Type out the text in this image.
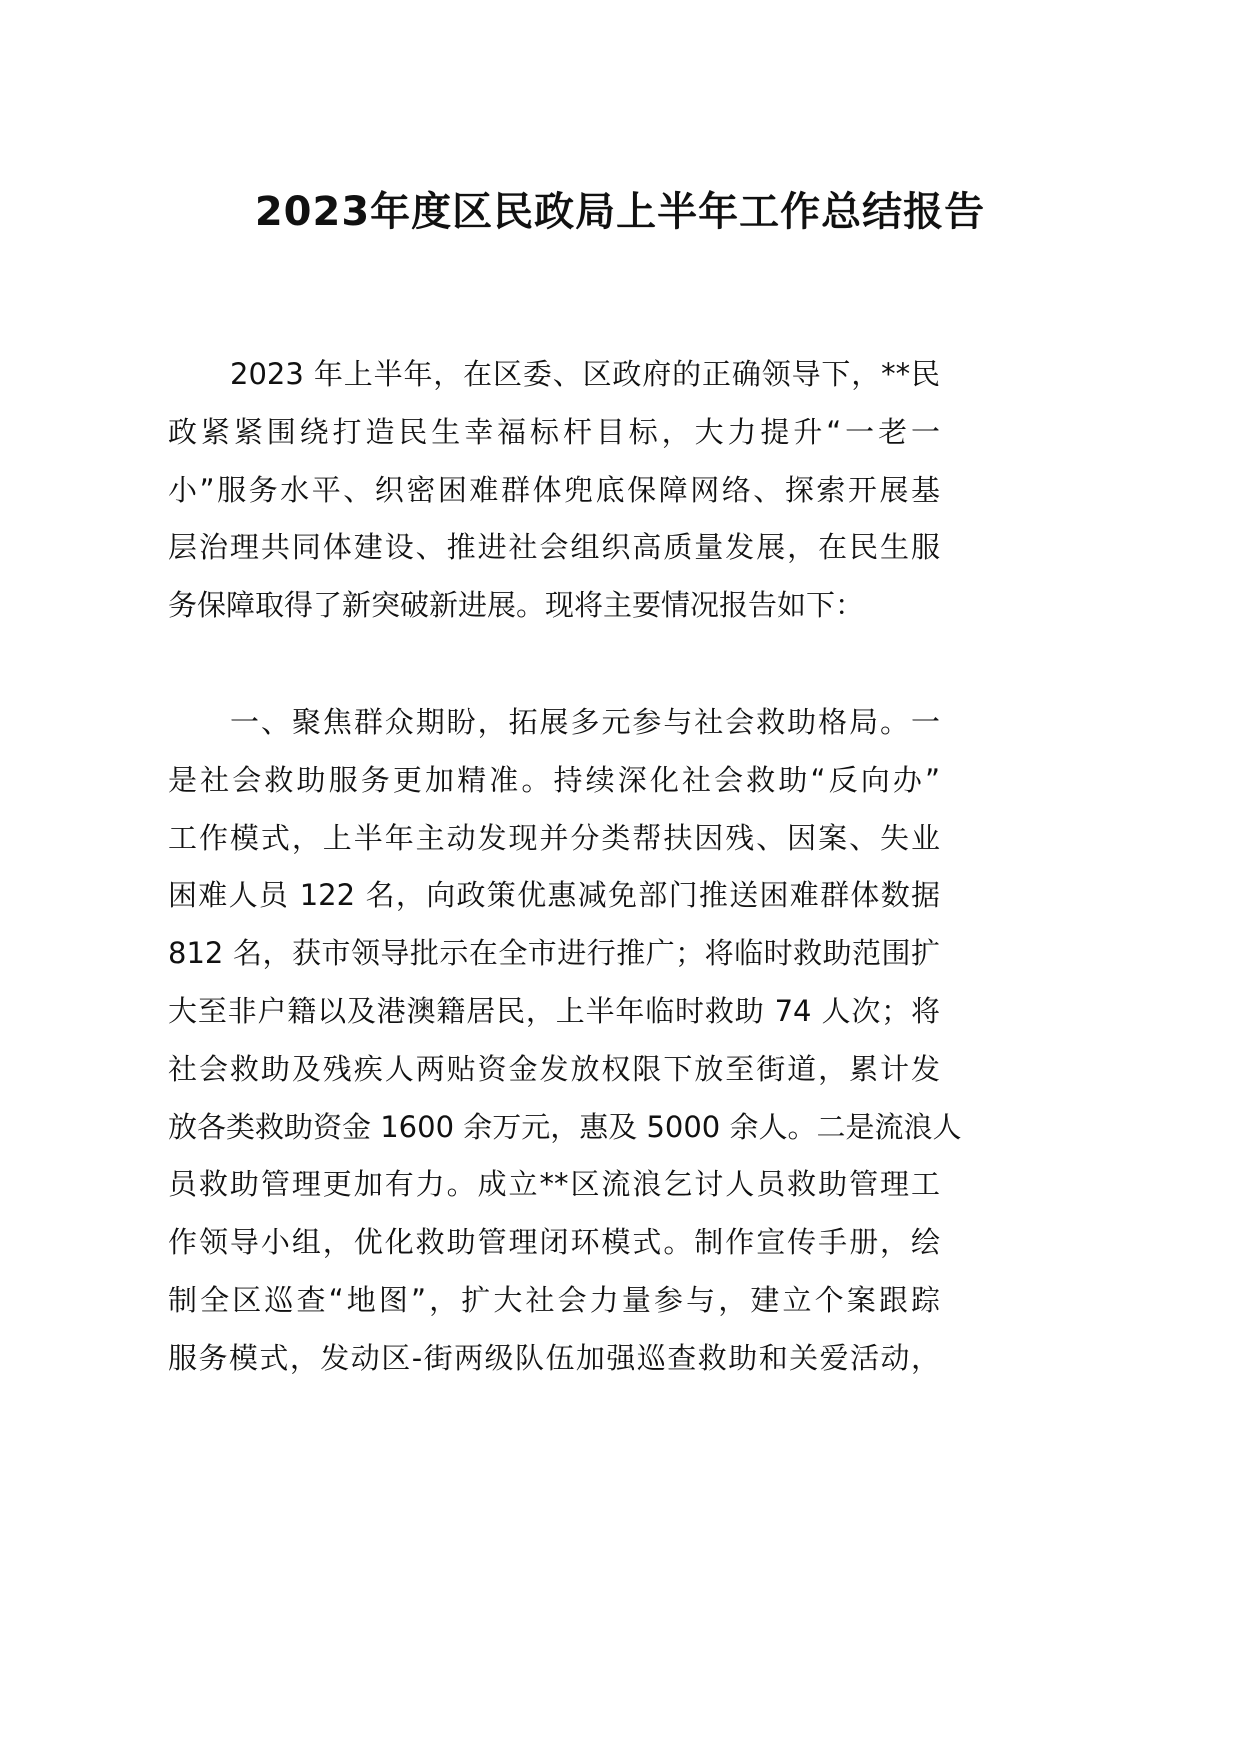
2023年度区民政局上半年工作总结报告
2023 年上半年，在区委、区政府的正确领导下，**民
政紧紧围绕打造民生幸福标杆目标，大力提升“一老一
小”服务水平、织密困难群体兜底保障网络、探索开展基
层治理共同体建设、推进社会组织高质量发展，在民生服
务保障取得了新突破新进展。现将主要情况报告如下：
一、聚焦群众期盼，拓展多元参与社会救助格局。一
是社会救助服务更加精准。持续深化社会救助“反向办”
工作模式，上半年主动发现并分类帮扶因残、因案、失业
困难人员 122 名，向政策优惠减免部门推送困难群体数据
812 名，获市领导批示在全市进行推广；将临时救助范围扩
大至非户籍以及港澳籍居民，上半年临时救助 74 人次；将
社会救助及残疾人两贴资金发放权限下放至街道，累计发
放各类救助资金 1600 余万元，惠及 5000 余人。二是流浪人
员救助管理更加有力。成立**区流浪乞讨人员救助管理工
作领导小组，优化救助管理闭环模式。制作宣传手册，绘
制全区巡查“地图”，扩大社会力量参与，建立个案跟踪
服务模式，发动区-街两级队伍加强巡查救助和关爱活动，
